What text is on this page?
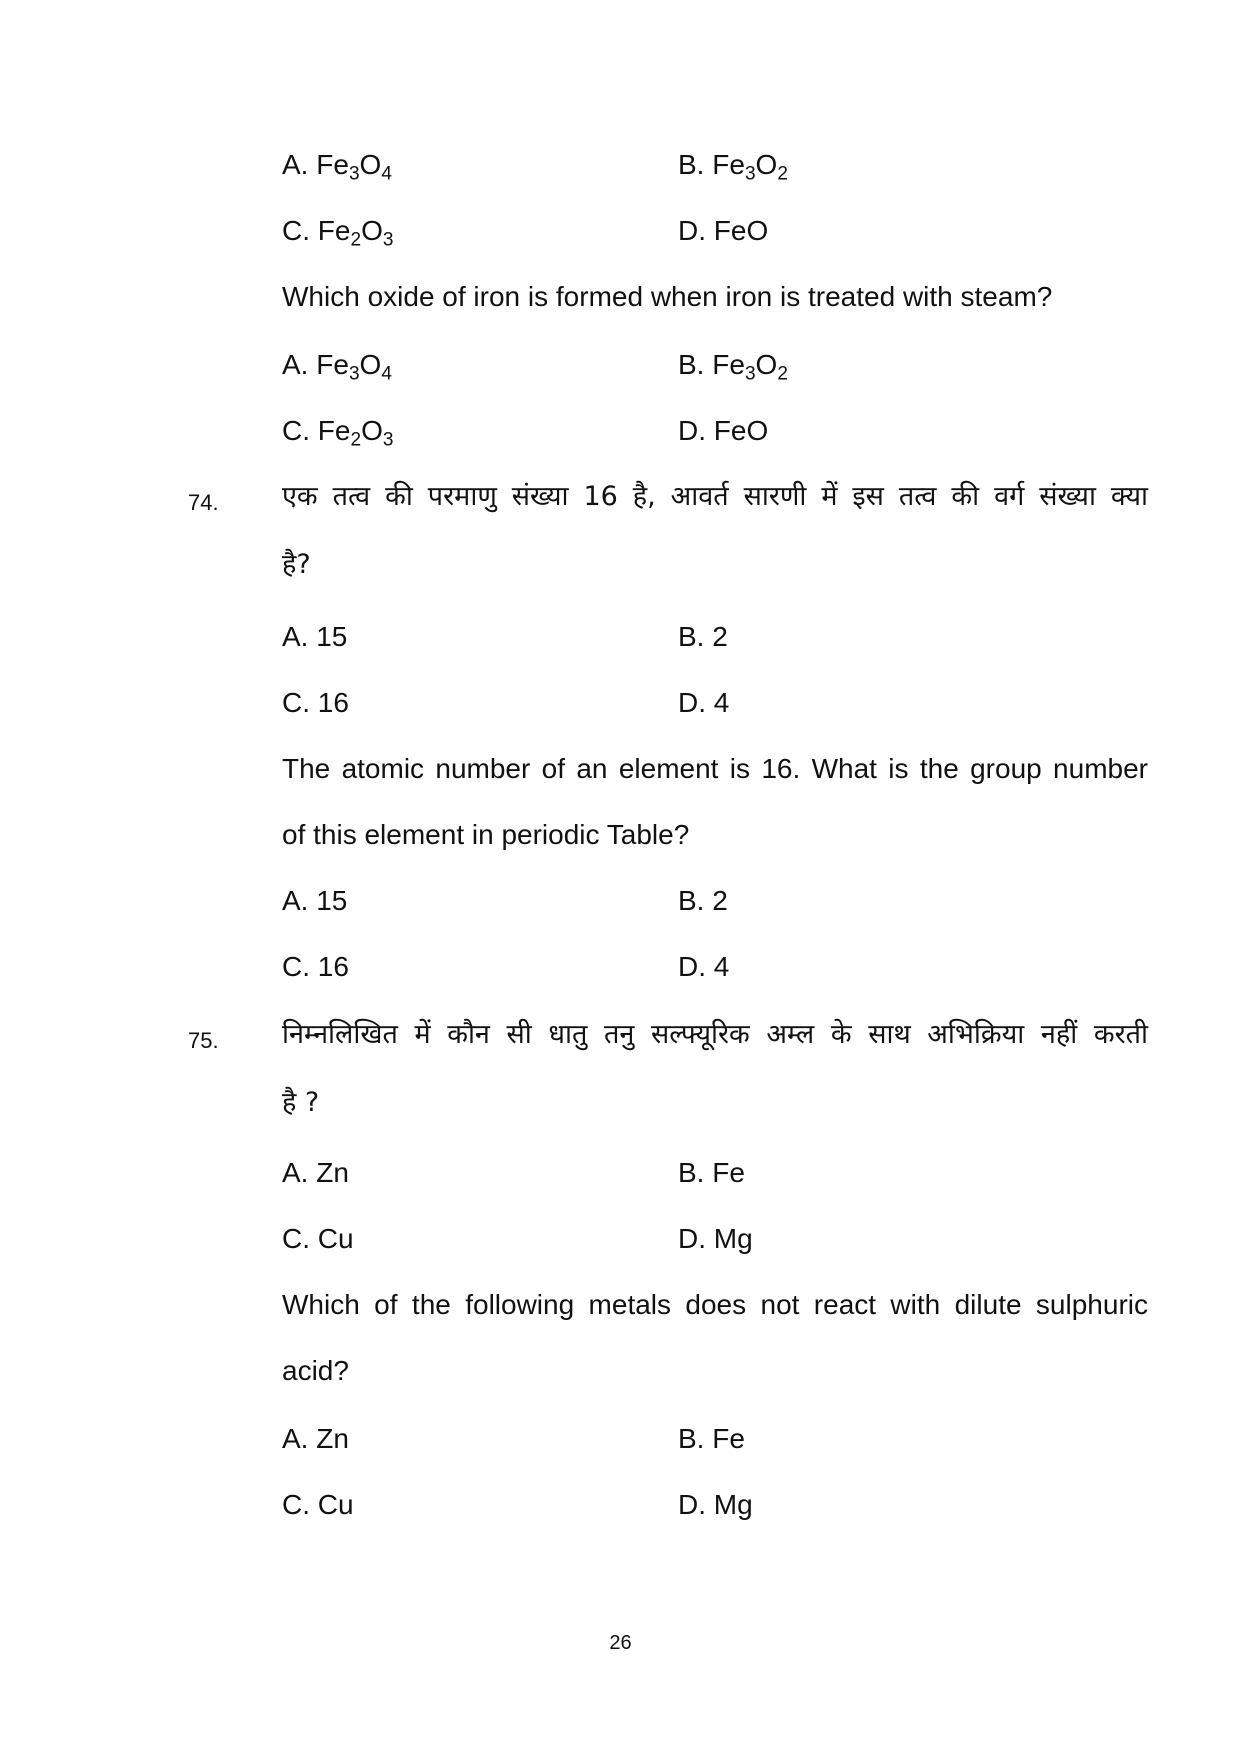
A. $Fe_3O_4$	B. $Fe_3O_2$
C. $Fe_2O_3$	D. FeO
Which oxide of iron is formed when iron is treated with steam?
A. $Fe_3O_4$	B. $Fe_3O_2$
C. $Fe_2O_3$	D. FeO
74. एक तत्व की परमाणु संख्या 16 है, आवर्त सारणी में इस तत्व की वर्ग संख्या क्या
है?
A. 15	B. 2
C. 16	D. 4
The atomic number of an element is 16. What is the group number
of this element in periodic Table?
A. 15	B. 2
C. 16	D. 4
75. निम्नलिखित में कौन सी धातु तनु सल्फ्यूरिक अम्ल के साथ अभिक्रिया नहीं करती
है ?
A. Zn	B. Fe
C. Cu	D. Mg
Which of the following metals does not react with dilute sulphuric
acid?
A. Zn	B. Fe
C. Cu	D. Mg
26
